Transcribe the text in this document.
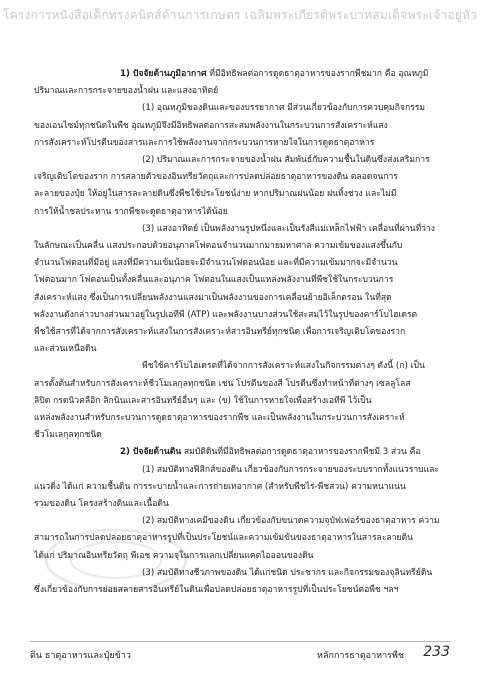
โครงการหนังสือเด็กทรงคนิดส์ด้านการเกษตร เฉลิมพระเกียรติพระบาทสมเด็จพระเจ้าอยู่หัว

1) ปัจจัยด้านภูมิอากาศ ที่มีอิทธิพลต่อการดูดธาตุอาหารของรากพืชมาก คือ อุณหภูมิ

ปริมาณและการกระจายของน้ำฝน และแสงอาทิตย์

(1) อุณหภูมิของดินและของบรรยากาศ มีส่วนเกี่ยวข้องกับการควบคุมกิจกรรม

ของเอนไซม์ทุกชนิดในพืช อุณหภูมิจึงมีอิทธิพลต่อการสะสมพลังงานในกระบวนการสังเคราะห์แสง

การสังเคราะห์โปรตีนของสารและการใช้พลังงานจากกระบวนการหายใจในการดูดธาตุอาหาร

(2) ปริมาณและการกระจายของน้ำฝน สัมพันธ์กับความชื้นในดินซึ่งส่งเสริมการ

เจริญเติบโตของราก การสลายตัวของอินทรียวัตถุและการปลดปล่อยธาตุอาหารของดิน ตลอดจนการ

ละลายของปุ๋ย ให้อยู่ในสารละลายดินซึ่งพืชใช้ประโยชน์ง่าย หากปริมาณฝนน้อย ฝนทิ้งช่วง และไม่มี

การให้น้ำชลประทาน รากพืชจะดูดธาตุอาหารได้น้อย

(3) แสงอาทิตย์ เป็นพลังงานรูปหนึ่งและเป็นรังสีแม่เหล็กไฟฟ้า เคลื่อนที่ผ่านที่ว่าง

ในลักษณะเป็นคลื่น แสงประกอบด้วยอนุภาคโฟตอนจำนวนมากมายมหาศาล ความเข้มของแสงขึ้นกับ

จำนวนโฟตอนที่มีอยู่ แสงที่มีความเข้มน้อยจะมีจำนวนโฟตอนน้อย และที่มีความเข้มมากจะมีจำนวน

โฟตอนมาก โฟตอนเป็นทั้งคลื่นและอนุภาค โฟตอนในแสงเป็นแหล่งพลังงานที่พืชใช้ในกระบวนการ

สังเคราะห์แสง ซึ่งเป็นการเปลี่ยนพลังงานแสงมาเป็นพลังงานของการเคลื่อนย้ายอิเล็กตรอน ในที่สุด

พลังงานดังกล่าวบางส่วนมาอยู่ในรูปเอทีพี (ATP) และพลังงานบางส่วนใช้สะสมไว้ในรูปของคาร์โบไฮเดรต

พืชใช้สารที่ได้จากการสังเคราะห์แสงในการสังเคราะห์สารอินทรีย์ทุกชนิด เพื่อการเจริญเติบโตของราก

และส่วนเหนือดิน

พืชใช้คาร์โบไฮเดรตที่ได้จากการสังเคราะห์แสงในกิจกรรมต่างๆ ดังนี้ (ก) เป็น

สารตั้งต้นสำหรับการสังเคราะห์ชีวโมเลกุลทุกชนิด เช่น โปรตีนของสี โปรตีนซึ่งทำหน้าที่ต่างๆ เซลลูโลส

ลิปิด กรดนิวคลีอิก ลิกนินและสารอินทรีย์อื่นๆ และ (ข) ใช้ในการหายใจเพื่อสร้างเอทีพี ไว้เป็น

แหล่งพลังงานสำหรับกระบวนการดูดธาตุอาหารของรากพืช และเป็นพลังงานในกระบวนการสังเคราะห์

ชีวโมเลกุลทุกชนิด

2) ปัจจัยด้านดิน สมบัติดินที่มีอิทธิพลต่อการดูดธาตุอาหารของรากพืชมี 3 ส่วน คือ

(1) สมบัติทางฟิสิกส์ของดิน เกี่ยวข้องกับการกระจายของระบบรากทั้งแนวราบและ

แนวดิ่ง ได้แก่ ความชื้นดิน การระบายน้ำและการถ่ายเทอากาศ (สำหรับพืชไร่-พืชสวน) ความหนาแน่น

รวมของดิน โครงสร้างดินและเนื้อดิน

(2) สมบัติทางเคมีของดิน เกี่ยวข้องกับขนาดความจุบัฟเฟอร์ของธาตุอาหาร ความ

สามารถในการปลดปล่อยธาตุอาหารรูปที่เป็นประโยชน์และความเข้มข้นของธาตุอาหารในสารละลายดิน

ได้แก่ ปริมาณอินทรียวัตถุ พีเอช ความจุในการแลกเปลี่ยนแคตไอออนของดิน

(3) สมบัติทางชีวภาพของดิน ได้แก่ชนิด ประชากร และกิจกรรมของจุลินทรีย์ดิน

ซึ่งเกี่ยวข้องกับการย่อยสลายสารอินทรีย์ในดินเพื่อปลดปล่อยธาตุอาหารรูปที่เป็นประโยชน์ต่อพืช ฯลฯ

ดิน ธาตุอาหารและปุ๋ยข้าว	หลักการธาตุอาหารพืช 233
